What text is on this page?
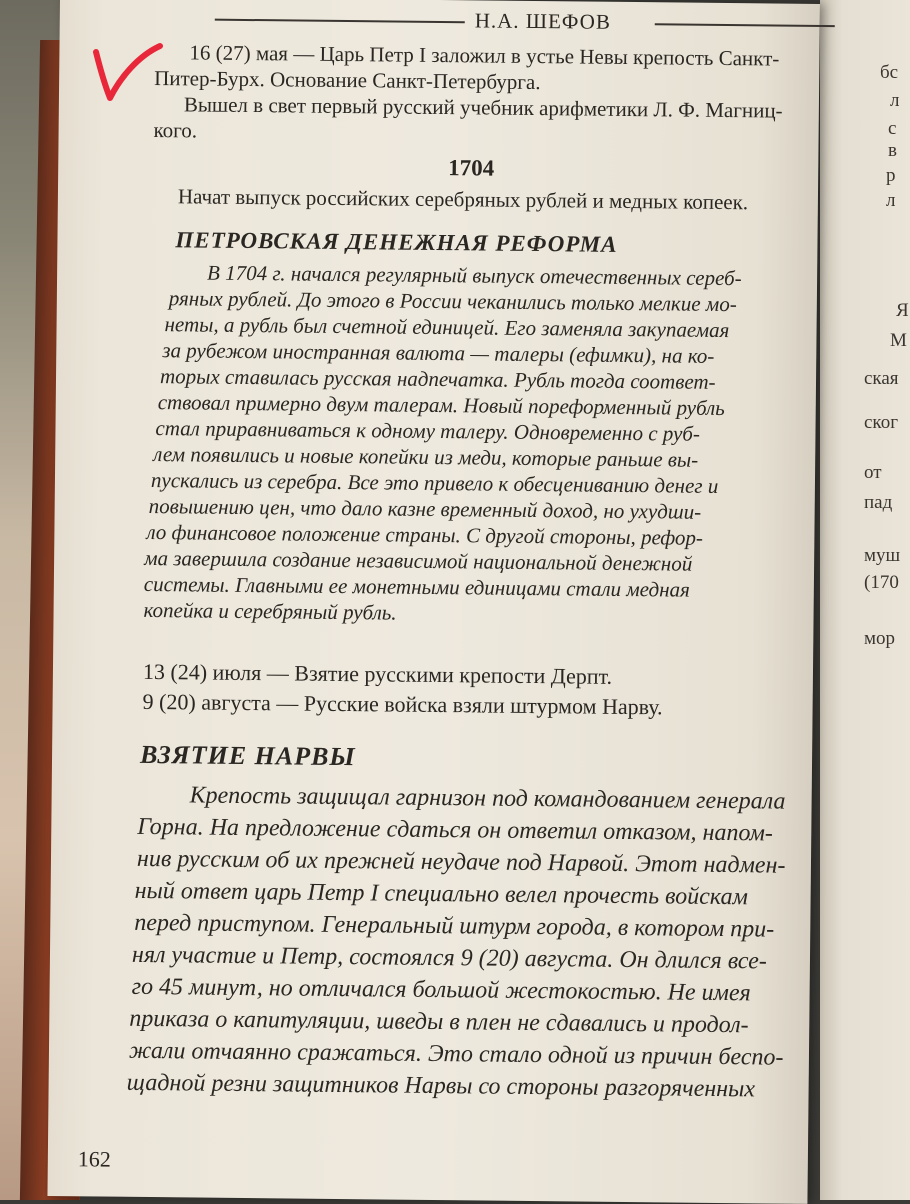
бс
л
с
в
р
л
Я
М
ская
ског
от
пад
муш
(170
мор
Н.А. ШЕФОВ
16 (27) мая — Царь Петр I заложил в устье Невы крепость Санкт-
Питер-Бурх. Основание Санкт-Петербурга.
Вышел в свет первый русский учебник арифметики Л. Ф. Магниц-
кого.
1704
Начат выпуск российских серебряных рублей и медных копеек.
ПЕТРОВСКАЯ ДЕНЕЖНАЯ РЕФОРМА
В 1704 г. начался регулярный выпуск отечественных сереб-
ряных рублей. До этого в России чеканились только мелкие мо-
неты, а рубль был счетной единицей. Его заменяла закупаемая
за рубежом иностранная валюта — талеры (ефимки), на ко-
торых ставилась русская надпечатка. Рубль тогда соответ-
ствовал примерно двум талерам. Новый пореформенный рубль
стал приравниваться к одному талеру. Одновременно с руб-
лем появились и новые копейки из меди, которые раньше вы-
пускались из серебра. Все это привело к обесцениванию денег и
повышению цен, что дало казне временный доход, но ухудши-
ло финансовое положение страны. С другой стороны, рефор-
ма завершила создание независимой национальной денежной
системы. Главными ее монетными единицами стали медная
копейка и серебряный рубль.
13 (24) июля — Взятие русскими крепости Дерпт.
9 (20) августа — Русские войска взяли штурмом Нарву.
ВЗЯТИЕ НАРВЫ
Крепость защищал гарнизон под командованием генерала
Горна. На предложение сдаться он ответил отказом, напом-
нив русским об их прежней неудаче под Нарвой. Этот надмен-
ный ответ царь Петр I специально велел прочесть войскам
перед приступом. Генеральный штурм города, в котором при-
нял участие и Петр, состоялся 9 (20) августа. Он длился все-
го 45 минут, но отличался большой жестокостью. Не имея
приказа о капитуляции, шведы в плен не сдавались и продол-
жали отчаянно сражаться. Это стало одной из причин беспо-
щадной резни защитников Нарвы со стороны разгоряченных
162
